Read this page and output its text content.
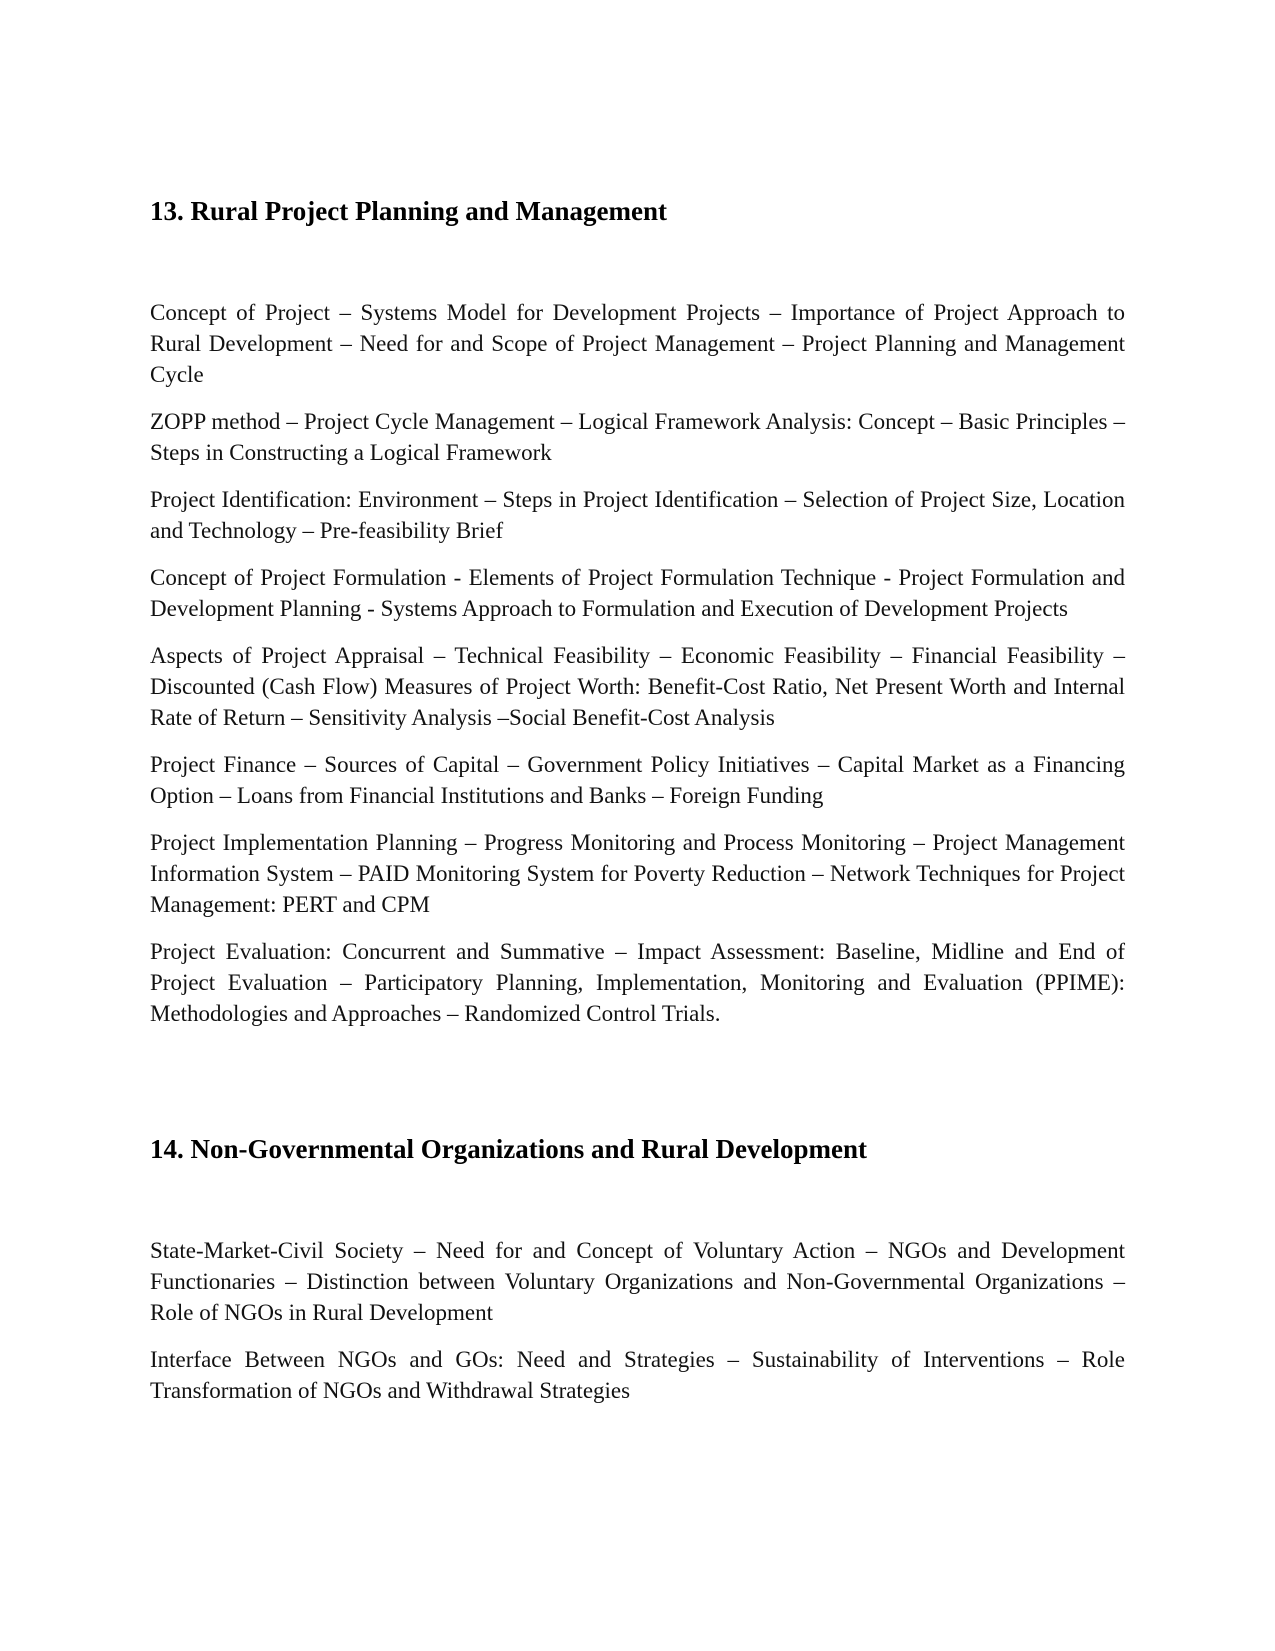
13. Rural Project Planning and Management

Concept of Project – Systems Model for Development Projects – Importance of Project Approach to Rural Development – Need for and Scope of Project Management – Project Planning and Management Cycle

ZOPP method – Project Cycle Management – Logical Framework Analysis: Concept – Basic Principles – Steps in Constructing a Logical Framework

Project Identification: Environment – Steps in Project Identification – Selection of Project Size, Location and Technology – Pre-feasibility Brief

Concept of Project Formulation - Elements of Project Formulation Technique - Project Formulation and Development Planning - Systems Approach to Formulation and Execution of Development Projects

Aspects of Project Appraisal – Technical Feasibility – Economic Feasibility – Financial Feasibility – Discounted (Cash Flow) Measures of Project Worth: Benefit-Cost Ratio, Net Present Worth and Internal Rate of Return – Sensitivity Analysis –Social Benefit-Cost Analysis

Project Finance – Sources of Capital – Government Policy Initiatives – Capital Market as a Financing Option – Loans from Financial Institutions and Banks – Foreign Funding

Project Implementation Planning – Progress Monitoring and Process Monitoring – Project Management Information System – PAID Monitoring System for Poverty Reduction – Network Techniques for Project Management: PERT and CPM

Project Evaluation: Concurrent and Summative – Impact Assessment: Baseline, Midline and End of Project Evaluation – Participatory Planning, Implementation, Monitoring and Evaluation (PPIME): Methodologies and Approaches – Randomized Control Trials.

14. Non-Governmental Organizations and Rural Development

State-Market-Civil Society – Need for and Concept of Voluntary Action – NGOs and Development Functionaries – Distinction between Voluntary Organizations and Non-Governmental Organizations – Role of NGOs in Rural Development

Interface Between NGOs and GOs: Need and Strategies – Sustainability of Interventions – Role Transformation of NGOs and Withdrawal Strategies
